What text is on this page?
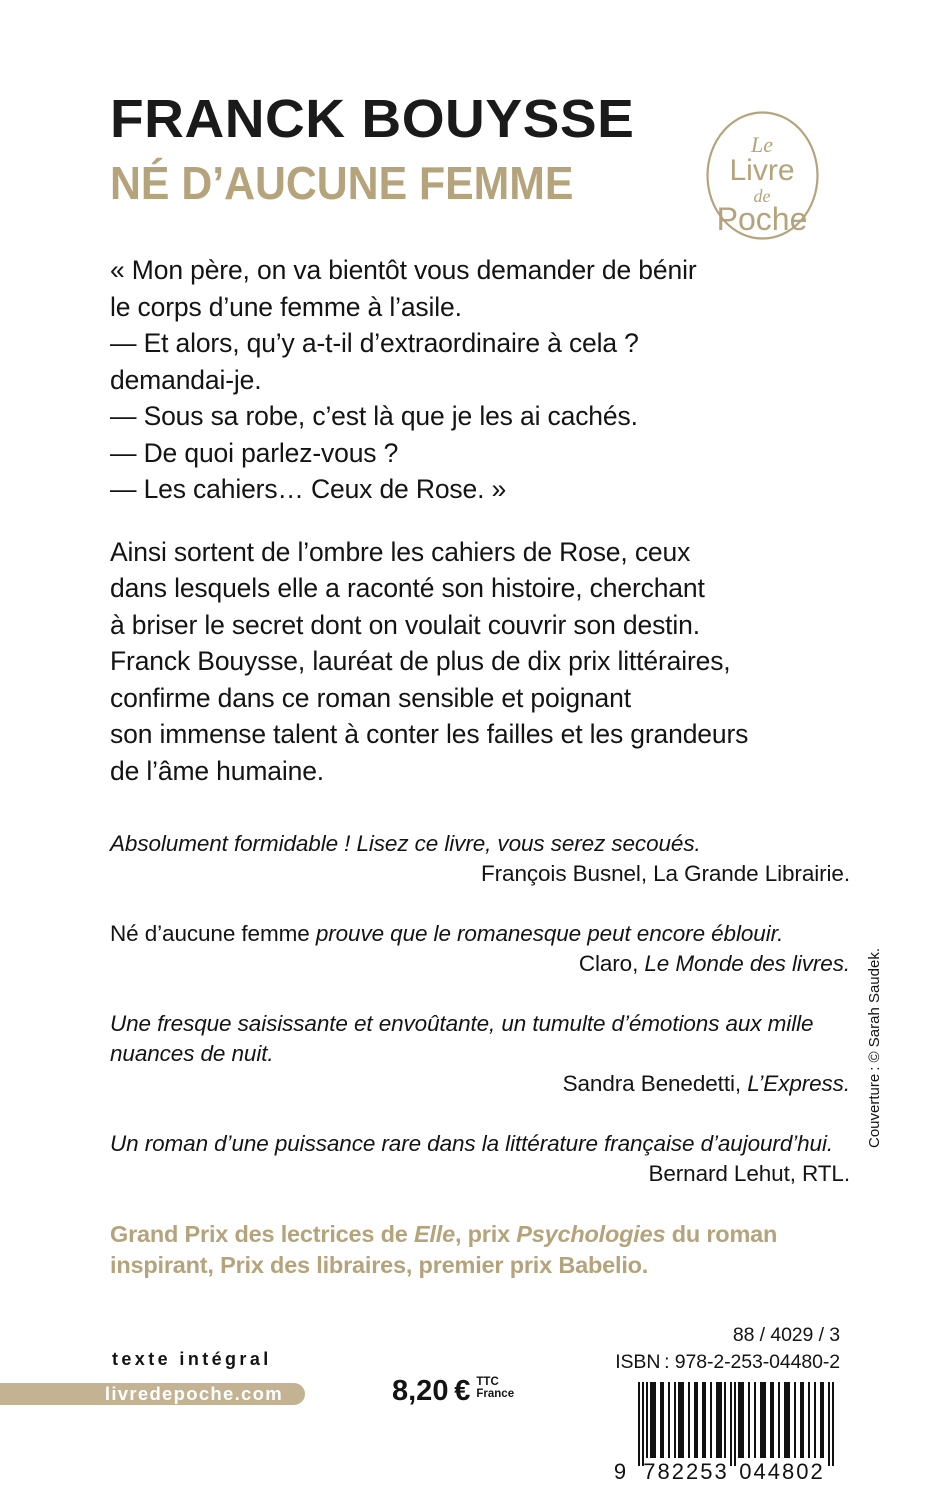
FRANCK BOUYSSE
NÉ D’AUCUNE FEMME
Le
Livre
de
Poche

« Mon père, on va bientôt vous demander de bénir
le corps d’une femme à l’asile.
— Et alors, qu’y a-t-il d’extraordinaire à cela ?
demandai-je.
— Sous sa robe, c’est là que je les ai cachés.
— De quoi parlez-vous ?
— Les cahiers… Ceux de Rose. »

Ainsi sortent de l’ombre les cahiers de Rose, ceux
dans lesquels elle a raconté son histoire, cherchant
à briser le secret dont on voulait couvrir son destin.
Franck Bouysse, lauréat de plus de dix prix littéraires,
confirme dans ce roman sensible et poignant
son immense talent à conter les failles et les grandeurs
de l’âme humaine.

Absolument formidable ! Lisez ce livre, vous serez secoués.

François Busnel, La Grande Librairie.

Né d’aucune femme prouve que le romanesque peut encore éblouir.

Claro, Le Monde des livres.

Une fresque saisissante et envoûtante, un tumulte d’émotions aux mille nuances de nuit.

Sandra Benedetti, L’Express.

Un roman d’une puissance rare dans la littérature française d’aujourd’hui.

Bernard Lehut, RTL.

Grand Prix des lectrices de Elle, prix Psychologies du roman inspirant, Prix des libraires, premier prix Babelio.

texte intégral
livredepoche.com	8,20 € TTC
France
88 / 4029 / 3
ISBN : 978-2-253-04480-2
9 782253 044802
Couverture : © Sarah Saudek.
